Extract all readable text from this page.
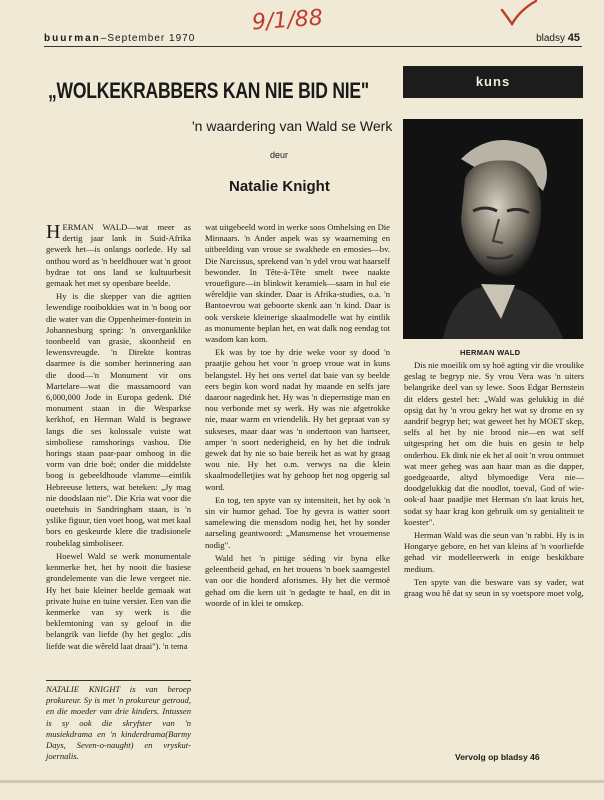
buurman–September 1970	bladsy 45
9/1/88
„WOLKEKRABBERS KAN NIE BID NIE"
'n waardering van Wald se Werk
deur
Natalie Knight
kuns
HERMAN WALD

HERMAN WALD—wat meer as dertig jaar lank in Suid-Afrika gewerk het—is onlangs oorlede. Hy sal onthou word as 'n beeldhouer wat 'n groot bydrae tot ons land se kultuurbesit gemaak het met sy openbare beelde.

Hy is die skepper van die agttien lewendige rooibokkies wat in 'n boog oor die water van die Oppenheimer-fontein in Johannesburg spring: 'n onverganklike toonbeeld van grasie, skoonheid en lewensvreugde. 'n Direkte kontras daarmee is die somber herinnering aan die dood—'n Monument vir ons Martelare—wat die massamoord van 6,000,000 Jode in Europa gedenk. Dié monument staan in die Wesparkse kerkhof, en Herman Wald is begrawe langs die ses kolossale vuiste wat simboliese ramshorings vashou. Die horings staan paar-paar omhoog in die vorm van drie boë; onder die middelste boog is gebeeldhoude vlamme—eintlik Hebreeuse letters, wat beteken: „Jy mag nie doodslaan nie". Die Kria wat voor die ouetehuis in Sandringham staan, is 'n yslike figuur, tien voet hoog, wat met kaal bors en geskeurde klere die tradisionele roubeklag simboliseer.

Hoewel Wald se werk monumentale kenmerke het, het hy nooit die basiese grondelemente van die lewe vergeet nie. Hy het baie kleiner beelde gemaak wat private huise en tuine versier. Een van die kenmerke van sy werk is die beklemtoning van sy geloof in die belangrik van liefde (hy het geglo: „dis liefde wat die wêreld laat draai"). 'n tema

NATALIE KNIGHT is van beroep prokureur. Sy is met 'n prokureur getroud, en die moeder van drie kinders. Intussen is sy ook die skryfster van 'n musiekdrama en 'n kinderdrama(Barmy Days, Seven-o-naught) en vryskut-joernalis.

wat uitgebeeld word in werke soos Omhelsing en Die Minnaars. 'n Ander aspek was sy waarneming en uitbeelding van vroue se swakhede en emosies—bv. Die Narcissus, sprekend van 'n ydel vrou wat haarself bewonder. In Tête-à-Tête smelt twee naakte vrouefigure—in blinkwit keramiek—saam in hul eie wêreldjie van skinder. Daar is Afrika-studies, o.a. 'n Bantoevrou wat geboorte skenk aan 'n kind. Daar is ook verskeie kleinerige skaalmodelle wat hy eintlik as monumente beplan het, en wat dalk nog eendag tot wasdom kan kom.

Ek was by toe hy drie weke voor sy dood 'n praatjie gehou het voor 'n groep vroue wat in kuns belangstel. Hy het ons vertel dat baie van sy beelde eers begin kon word nadat hy maande en selfs jare daaroor nagedink het. Hy was 'n diepernstige man en nou verbonde met sy werk. Hy was nie afgetrokke nie, maar warm en vriendelik. Hy het gepraat van sy sukseses, maar daar was 'n ondertoon van hartseer, amper 'n soort nederigheid, en hy het die indruk gewek dat hy nie so baie bereik het as wat hy graag wou nie. Hy het o.m. verwys na die klein skaalmodelletjies wat hy gehoop het nog opgerig sal word.

En tog, ten spyte van sy intensiteit, het hy ook 'n sin vir humor gehad. Toe hy gevra is watter soort samelewing die mensdom nodig het, het hy sonder aarseling geantwoord: „Mansmense het vrouemense nodig".

Wald het 'n pittige séding vir byna elke geleentheid gehad, en het trouens 'n boek saamgestel van oor die honderd aforismes. Hy het die vermoë gehad om die kern uit 'n gedagte te haal, en dit in woorde of in klei te omskep.

Dis nie moeilik om sy hoë agting vir die vroulike geslag te begryp nie. Sy vrou Vera was 'n uiters belangrike deel van sy lewe. Soos Edgar Bernstein dit elders gestel het: „Wald was gelukkig in dié opsig dat hy 'n vrou gekry het wat sy drome en sy aandrif begryp het; wat geweet het hy MOET skep, selfs al het hy nie brood nie—en wat self uitgespring het om die huis en gesin te help onderhou. Ek dink nie ek het al ooit 'n vrou ontmoet wat meer geheg was aan haar man as die dapper, goedgeaarde, altyd blymoedige Vera nie—doodgelukkig dat die noodlot, toeval, God of wie-ook-al haar paadjie met Herman s'n laat kruis het, sodat sy haar krag kon gebruik om sy genialiteit te koester".

Herman Wald was die seun van 'n rabbi. Hy is in Hongarye gebore, en het van kleins af 'n voorliefde gehad vir modelleerwerk in enige beskikbare medium.

Ten spyte van die besware van sy vader, wat graag wou hê dat sy seun in sy voetspore moet volg,

Vervolg op bladsy 46
